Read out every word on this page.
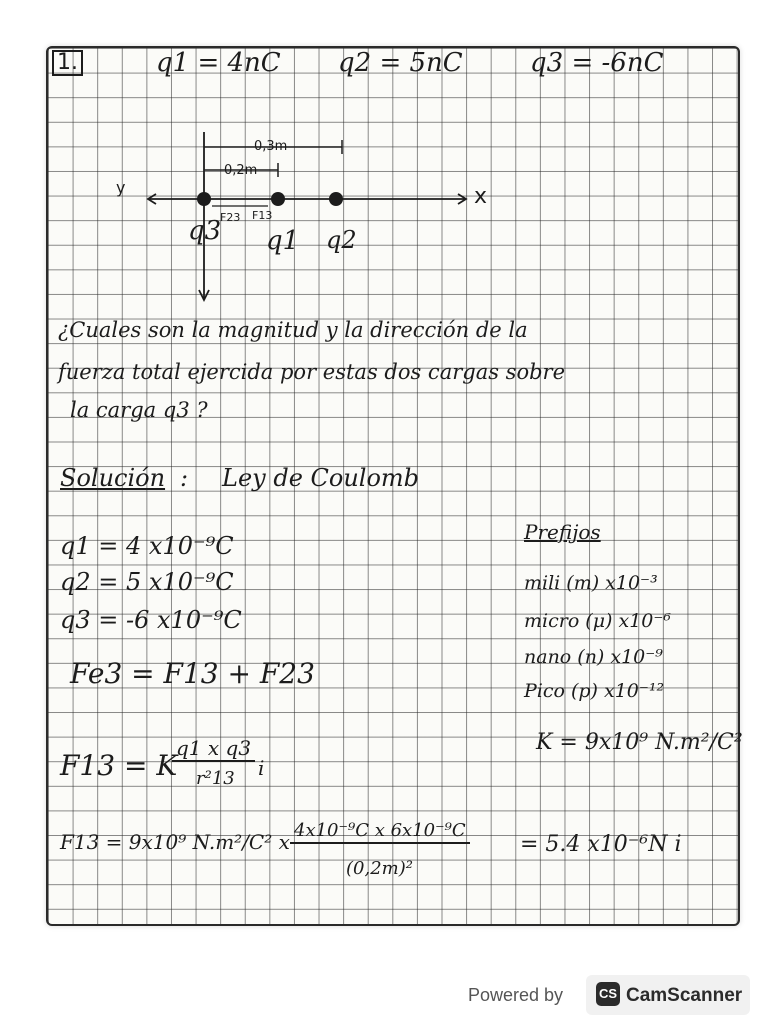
1.	q1 = 4nC q2 = 5nC	q3 = -6nC
0,3m
0,2m
x
y
q3 q1 q2
F23 F13
¿Cuales son la magnitud y la dirección de la
fuerza total ejercida por estas dos cargas sobre
la carga q3 ?
Solución : Ley de Coulomb
q1 = 4 x10⁻⁹C
q2 = 5 x10⁻⁹C
q3 = -6 x10⁻⁹C
Fe3 = F13 + F23
F13 = K
q1 x q3
r²13 i
F13 = 9x10⁹ N.m²/C² x 4x10⁻⁹C x 6x10⁻⁹C
(0,2m)²
= 5.4 x10⁻⁶N i
Prefijos
mili (m) x10⁻³
micro (μ) x10⁻⁶
nano (n) x10⁻⁹
Pico (p) x10⁻¹²
K = 9x10⁹ N.m²/C²
Powered by	CS CamScanner
